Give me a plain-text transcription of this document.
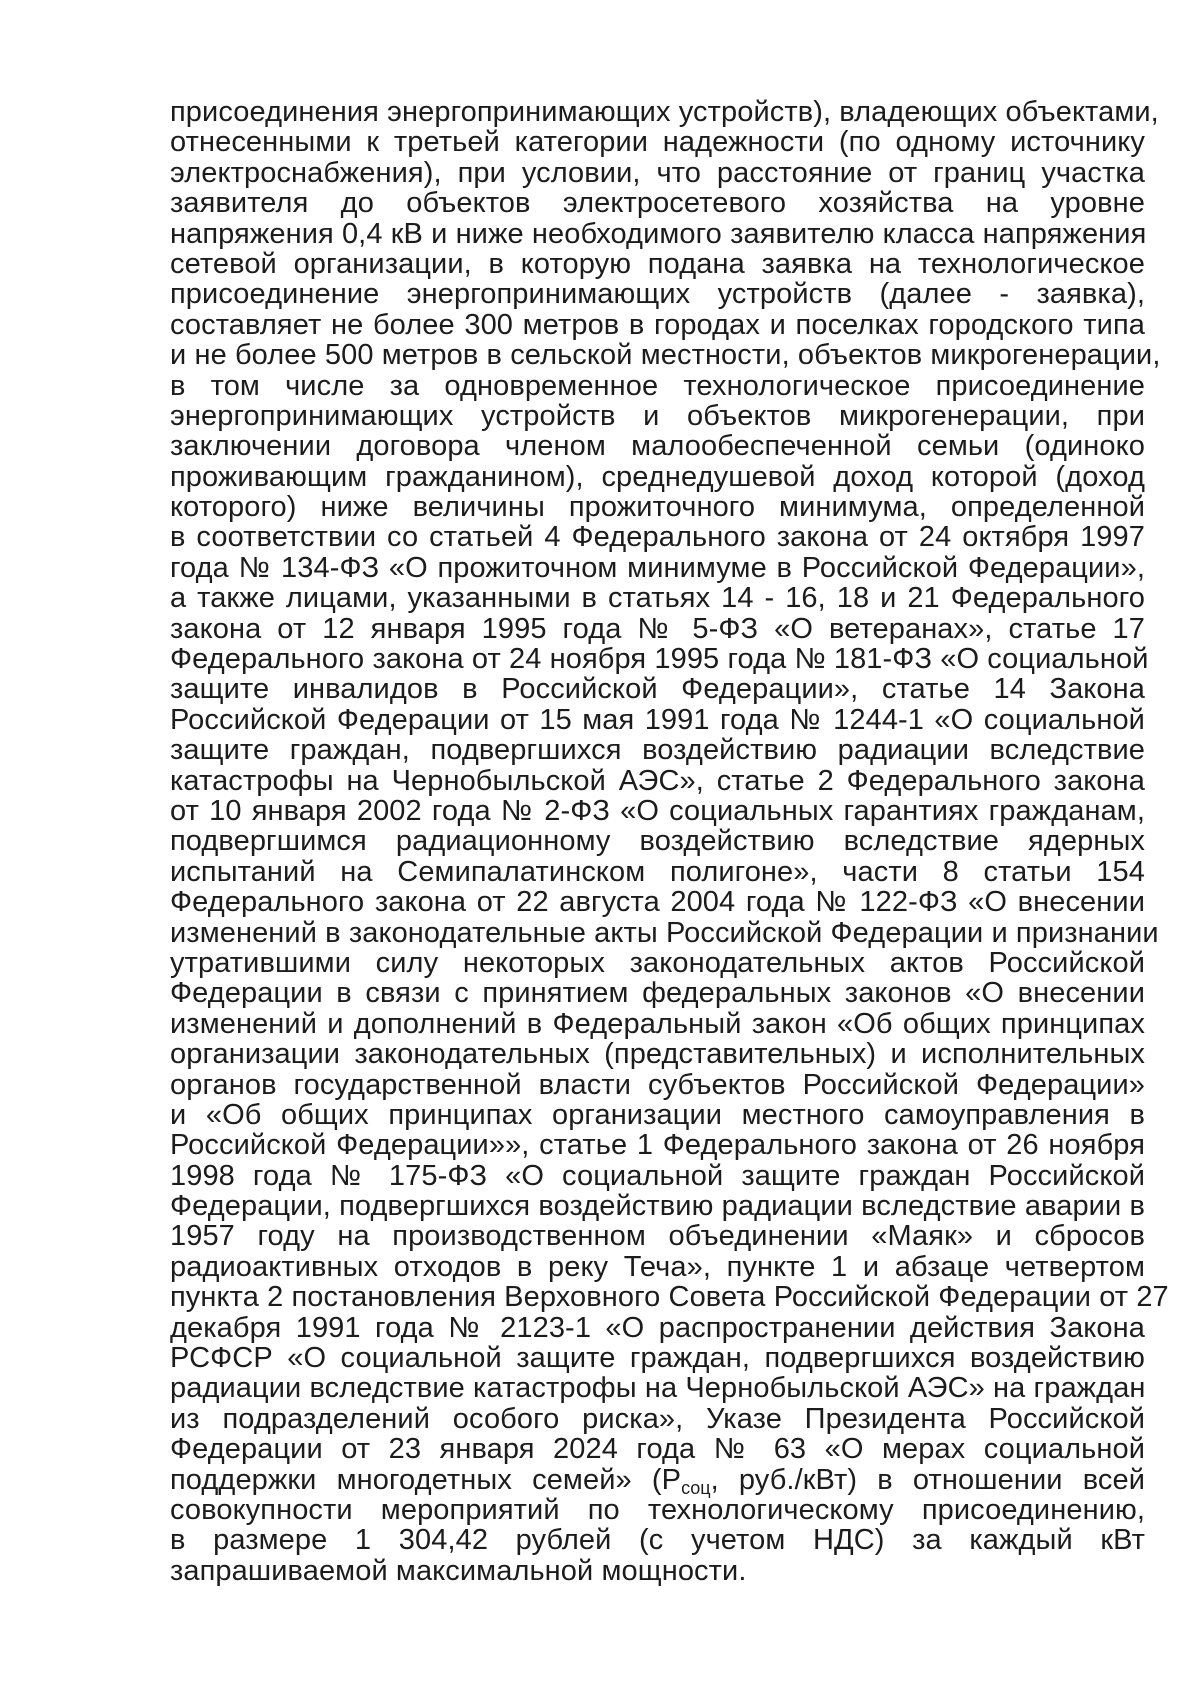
присоединения энергопринимающих устройств), владеющих объектами,
отнесенными к третьей категории надежности (по одному источнику
электроснабжения), при условии, что расстояние от границ участка
заявителя до объектов электросетевого хозяйства на уровне
напряжения 0,4 кВ и ниже необходимого заявителю класса напряжения
сетевой организации, в которую подана заявка на технологическое
присоединение энергопринимающих устройств (далее - заявка),
составляет не более 300 метров в городах и поселках городского типа
и не более 500 метров в сельской местности, объектов микрогенерации,
в том числе за одновременное технологическое присоединение
энергопринимающих устройств и объектов микрогенерации, при
заключении договора членом малообеспеченной семьи (одиноко
проживающим гражданином), среднедушевой доход которой (доход
которого) ниже величины прожиточного минимума, определенной
в соответствии со статьей 4 Федерального закона от 24 октября 1997
года № 134-ФЗ «О прожиточном минимуме в Российской Федерации»,
а также лицами, указанными в статьях 14 - 16, 18 и 21 Федерального
закона от 12 января 1995 года № 5-ФЗ «О ветеранах», статье 17
Федерального закона от 24 ноября 1995 года № 181-ФЗ «О социальной
защите инвалидов в Российской Федерации», статье 14 Закона
Российской Федерации от 15 мая 1991 года № 1244-1 «О социальной
защите граждан, подвергшихся воздействию радиации вследствие
катастрофы на Чернобыльской АЭС», статье 2 Федерального закона
от 10 января 2002 года № 2-ФЗ «О социальных гарантиях гражданам,
подвергшимся радиационному воздействию вследствие ядерных
испытаний на Семипалатинском полигоне», части 8 статьи 154
Федерального закона от 22 августа 2004 года № 122-ФЗ «О внесении
изменений в законодательные акты Российской Федерации и признании
утратившими силу некоторых законодательных актов Российской
Федерации в связи с принятием федеральных законов «О внесении
изменений и дополнений в Федеральный закон «Об общих принципах
организации законодательных (представительных) и исполнительных
органов государственной власти субъектов Российской Федерации»
и «Об общих принципах организации местного самоуправления в
Российской Федерации»», статье 1 Федерального закона от 26 ноября
1998 года № 175-ФЗ «О социальной защите граждан Российской
Федерации, подвергшихся воздействию радиации вследствие аварии в
1957 году на производственном объединении «Маяк» и сбросов
радиоактивных отходов в реку Теча», пункте 1 и абзаце четвертом
пункта 2 постановления Верховного Совета Российской Федерации от 27
декабря 1991 года № 2123-1 «О распространении действия Закона
РСФСР «О социальной защите граждан, подвергшихся воздействию
радиации вследствие катастрофы на Чернобыльской АЭС» на граждан
из подразделений особого риска», Указе Президента Российской
Федерации от 23 января 2024 года № 63 «О мерах социальной
поддержки многодетных семей» ($Р_{соц}$, руб./кВт) в отношении всей
совокупности мероприятий по технологическому присоединению,
в размере 1 304,42 рублей (с учетом НДС) за каждый кВт
запрашиваемой максимальной мощности.
